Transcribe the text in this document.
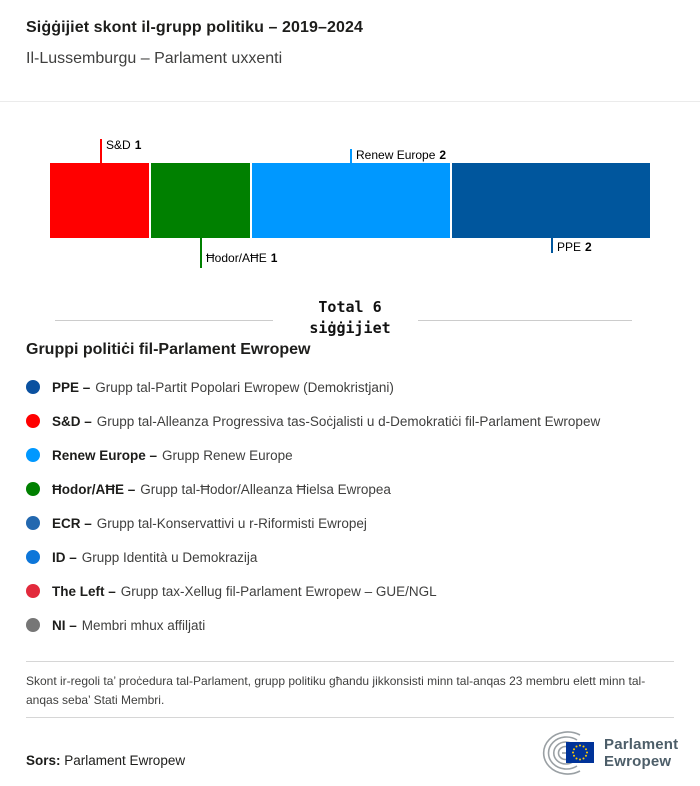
Siġġijiet skont il-grupp politiku – 2019–2024
Il-Lussemburgu – Parlament uxxenti
S&D 1
Renew Europe 2
Ħodor/AĦE 1
PPE 2
Total 6
siġġijiet
Gruppi politiċi fil-Parlament Ewropew
PPE – Grupp tal-Partit Popolari Ewropew (Demokristjani)
S&D – Grupp tal-Alleanza Progressiva tas-Soċjalisti u d-Demokratiċi fil-Parlament Ewropew
Renew Europe – Grupp Renew Europe
Ħodor/AĦE – Grupp tal-Ħodor/Alleanza Ħielsa Ewropea
ECR – Grupp tal-Konservattivi u r-Riformisti Ewropej
ID – Grupp Identità u Demokrazija
The Left – Grupp tax-Xellug fil-Parlament Ewropew – GUE/NGL
NI – Membri mhux affiljati
Skont ir-regoli ta’ proċedura tal-Parlament, grupp politiku għandu jikkonsisti minn tal-anqas 23 membru elett minn tal-anqas seba’ Stati Membri.
Sors: Parlament Ewropew
Parlament
Ewropew
